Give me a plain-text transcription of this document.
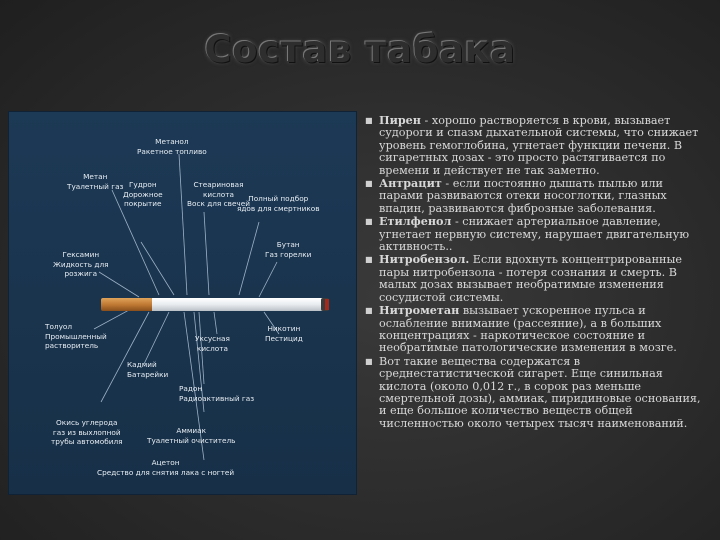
Состав табака
Метанол
Ракетное топливо
Метан
Туалетный газ	Стеариновая
кислота
Воск для свечей
Гудрон
Дорожное
покрытие
Полный подбор
ядов для смертников
Гексамин
Жидкость для
розжига
Бутан
Газ горелки
Толуол
Промышленный
растворитель
Уксусная
кислота
Никотин
Пестицид
Кадмий
Батарейки
Радон
Радиоактивный газ
Окись углерода
газ из выхлопной
трубы автомобиля
Аммиак
Туалетный очиститель
Ацетон
Средство для снятия лака с ногтей
■ Пирен - хорошо растворяется в крови, вызывает судороги и спазм дыхательной системы, что снижает уровень гемоглобина, угнетает функции печени. В сигаретных дозах - это просто растягивается по времени и действует не так заметно.
■ Антрацит - если постоянно дышать пылью или парами развиваются отеки носоглотки, глазных впадин, развиваются фиброзные заболевания.
■ Етилфенол - снижает артериальное давление, угнетает нервную систему, нарушает двигательную активность..
■ Нитробензол. Если вдохнуть концентрированные пары нитробензола - потеря сознания и смерть. В малых дозах вызывает необратимые изменения сосудистой системы.
■ Нитрометан вызывает ускоренное пульса и ослабление внимание (рассеяние), а в больших концентрациях - наркотическое состояние и необратимые патологические изменения в мозге.
■ Вот такие вещества содержатся в среднестатистической сигарет. Еще синильная кислота (около 0,012 г., в сорок раз меньше смертельной дозы), аммиак, пиридиновые основания, и еще большое количество веществ общей численностью около четырех тысяч наименований.
